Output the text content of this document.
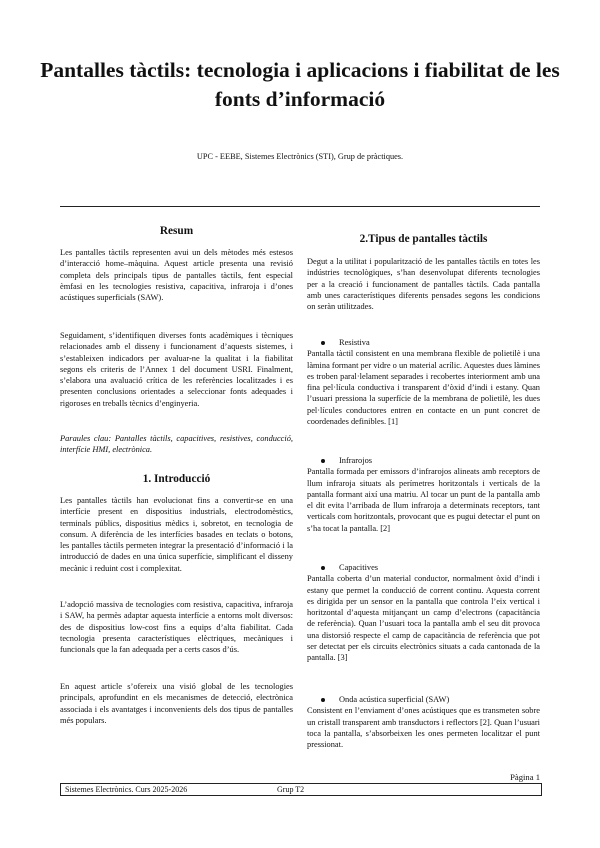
Pantalles tàctils: tecnologia i aplicacions i fiabilitat de les fonts d’informació

UPC - EEBE, Sistemes Electrònics (STI), Grup de pràctiques.

Resum

Les pantalles tàctils representen avui un dels mètodes més estesos d’interacció home–màquina. Aquest article presenta una revisió completa dels principals tipus de pantalles tàctils, fent especial èmfasi en les tecnologies resistiva, capacitiva, infraroja i d’ones acústiques superficials (SAW).

Seguidament, s’identifiquen diverses fonts acadèmiques i tècniques relacionades amb el disseny i funcionament d’aquests sistemes, i s’estableixen indicadors per avaluar-ne la qualitat i la fiabilitat segons els criteris de l’Annex 1 del document USRI. Finalment, s’elabora una avaluació crítica de les referències localitzades i es presenten conclusions orientades a seleccionar fonts adequades i rigoroses en treballs tècnics d’enginyeria.

Paraules clau: Pantalles tàctils, capacitives, resistives, conducció, interfície HMI, electrònica.

1. Introducció

Les pantalles tàctils han evolucionat fins a convertir-se en una interfície present en dispositius industrials, electrodomèstics, terminals públics, dispositius mèdics i, sobretot, en tecnologia de consum. A diferència de les interfícies basades en teclats o botons, les pantalles tàctils permeten integrar la presentació d’informació i la introducció de dades en una única superfície, simplificant el disseny mecànic i reduint cost i complexitat.

L’adopció massiva de tecnologies com resistiva, capacitiva, infraroja i SAW, ha permès adaptar aquesta interfície a entorns molt diversos: des de dispositius low-cost fins a equips d’alta fiabilitat. Cada tecnologia presenta característiques elèctriques, mecàniques i funcionals que la fan adequada per a certs casos d’ús.

En aquest article s’ofereix una visió global de les tecnologies principals, aprofundint en els mecanismes de detecció, electrònica associada i els avantatges i inconvenients dels dos tipus de pantalles més populars.

2.Tipus de pantalles tàctils

Degut a la utilitat i popularització de les pantalles tàctils en totes les indústries tecnològiques, s’han desenvolupat diferents tecnologies per a la creació i funcionament de pantalles tàctils. Cada pantalla amb unes característiques diferents pensades segons les condicions on seràn utilitzades.

Resistiva

Pantalla tàctil consistent en una membrana flexible de polietilè i una làmina formant per vidre o un material acrílic. Aquestes dues làmines es troben paral·lelament separades i recobertes interiorment amb una fina pel·lícula conductiva i transparent d’òxid d’indi i estany. Quan l’usuari pressiona la superfície de la membrana de polietilè, les dues pel·lícules conductores entren en contacte en un punt concret de coordenades definibles. [1]

Infrarojos

Pantalla formada per emissors d’infrarojos alineats amb receptors de llum infraroja situats als perímetres horitzontals i verticals de la pantalla formant així una matriu. Al tocar un punt de la pantalla amb el dit evita l’arribada de llum infraroja a determinats receptors, tant verticals com horitzontals, provocant que es pugui detectar el punt on s’ha tocat la pantalla. [2]

Capacitives

Pantalla coberta d’un material conductor, normalment òxid d’indi i estany que permet la conducció de corrent continu. Aquesta corrent es dirigida per un sensor en la pantalla que controla l’eix vertical i horitzontal d’aquesta mitjançant un camp d’electrons (capacitància de referència). Quan l’usuari toca la pantalla amb el seu dit provoca una distorsió respecte el camp de capacitància de referència que pot ser detectat per els circuits electrònics situats a cada cantonada de la pantalla. [3]

Onda acústica superficial (SAW)

Consistent en l’enviament d’ones acústiques que es transmeten sobre un cristall transparent amb transductors i reflectors [2]. Quan l’usuari toca la pantalla, s’absorbeixen les ones permeten localitzar el punt pressionat.

Pàgina 1

Sistemes Electrònics. Curs 2025-2026	Grup T2
